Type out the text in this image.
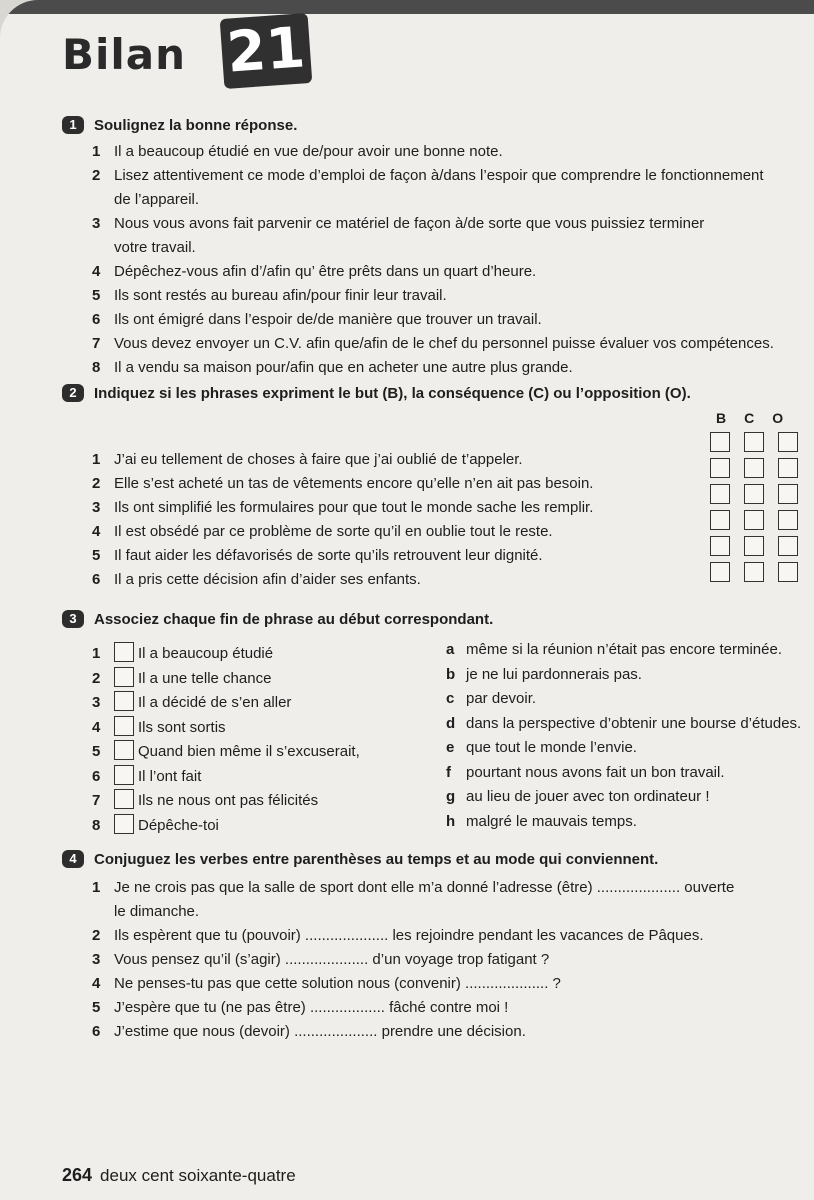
Bilan 21
1	Soulignez la bonne réponse.
1 Il a beaucoup étudié en vue de/pour avoir une bonne note.
2 Lisez attentivement ce mode d’emploi de façon à/dans l’espoir que comprendre le fonctionnement
de l’appareil.
3 Nous vous avons fait parvenir ce matériel de façon à/de sorte que vous puissiez terminer
votre travail.
4 Dépêchez-vous afin d’/afin qu’ être prêts dans un quart d’heure.
5 Ils sont restés au bureau afin/pour finir leur travail.
6 Ils ont émigré dans l’espoir de/de manière que trouver un travail.
7 Vous devez envoyer un C.V. afin que/afin de le chef du personnel puisse évaluer vos compétences.
8 Il a vendu sa maison pour/afin que en acheter une autre plus grande.
2	Indiquez si les phrases expriment le but (B), la conséquence (C) ou l’opposition (O).
B C O
1 J’ai eu tellement de choses à faire que j’ai oublié de t’appeler.
2 Elle s’est acheté un tas de vêtements encore qu’elle n’en ait pas besoin.
3 Ils ont simplifié les formulaires pour que tout le monde sache les remplir.
4 Il est obsédé par ce problème de sorte qu’il en oublie tout le reste.
5 Il faut aider les défavorisés de sorte qu’ils retrouvent leur dignité.
6 Il a pris cette décision afin d’aider ses enfants.
3	Associez chaque fin de phrase au début correspondant.
1	Il a beaucoup étudié
2	Il a une telle chance
3	Il a décidé de s’en aller
4	Ils sont sortis
5	Quand bien même il s’excuserait,
6	Il l’ont fait
7	Ils ne nous ont pas félicités
8	Dépêche-toi
a même si la réunion n’était pas encore terminée.
b je ne lui pardonnerais pas.
c par devoir.
d dans la perspective d’obtenir une bourse d’études.
e que tout le monde l’envie.
f pourtant nous avons fait un bon travail.
g au lieu de jouer avec ton ordinateur !
h malgré le mauvais temps.
4	Conjuguez les verbes entre parenthèses au temps et au mode qui conviennent.
1 Je ne crois pas que la salle de sport dont elle m’a donné l’adresse (être) .................... ouverte
le dimanche.
2 Ils espèrent que tu (pouvoir) .................... les rejoindre pendant les vacances de Pâques.
3 Vous pensez qu’il (s’agir) .................... d’un voyage trop fatigant ?
4 Ne penses-tu pas que cette solution nous (convenir) .................... ?
5 J’espère que tu (ne pas être) .................. fâché contre moi !
6 J’estime que nous (devoir) .................... prendre une décision.
264 deux cent soixante-quatre
